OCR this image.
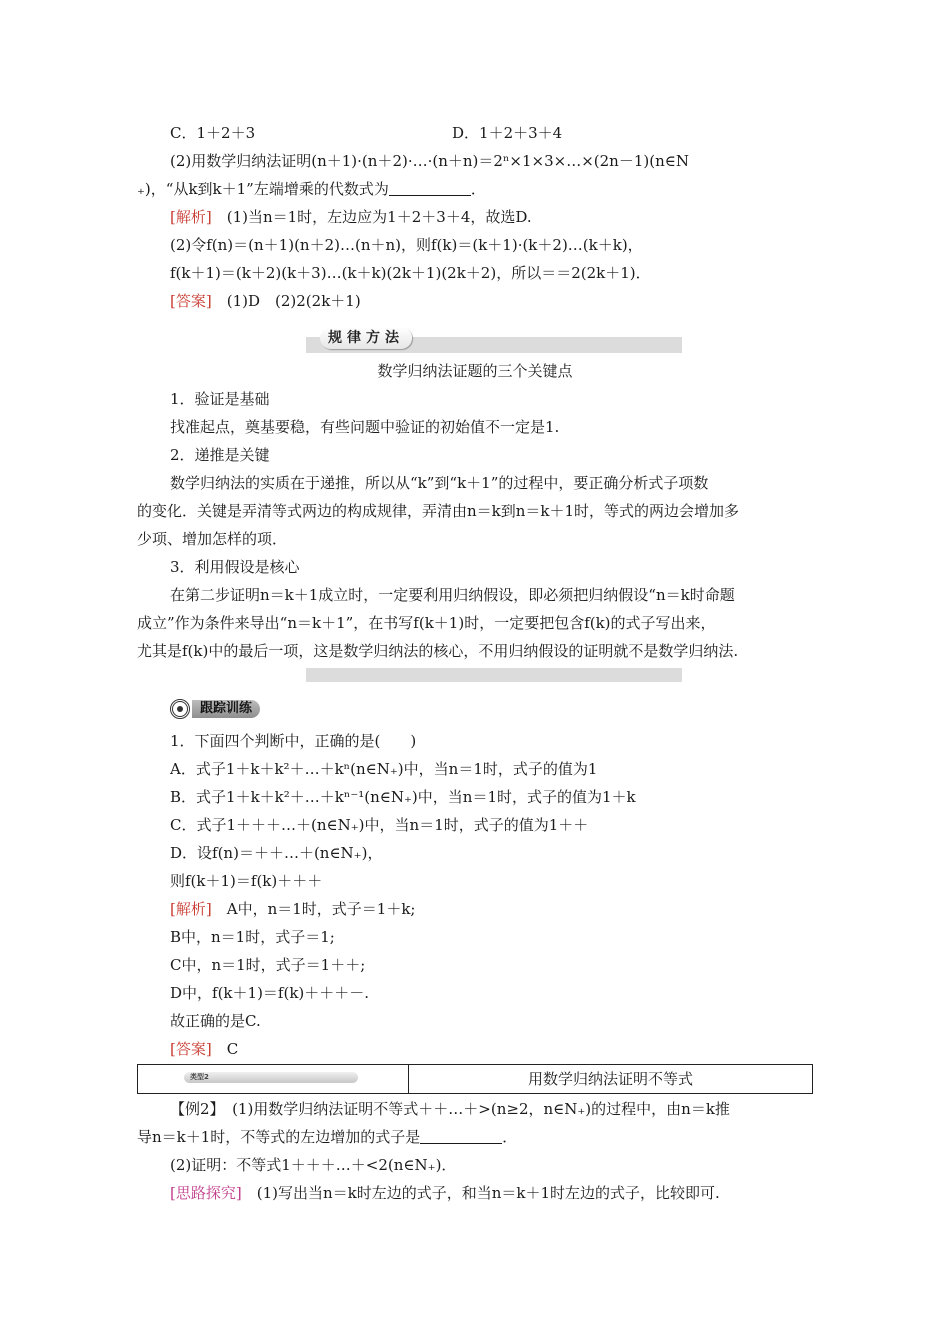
C．1＋2＋3	D．1＋2＋3＋4
(2)用数学归纳法证明(n＋1)·(n＋2)·…·(n＋n)＝2ⁿ×1×3×…×(2n－1)(n∈N
₊)，“从k到k＋1”左端增乘的代数式为	．
[解析]　 (1)当n＝1时，左边应为1＋2＋3＋4，故选D.
(2)令f(n)＝(n＋1)(n＋2)…(n＋n)，则f(k)＝(k＋1)·(k＋2)…(k＋k)，
f(k＋1)＝(k＋2)(k＋3)…(k＋k)(2k＋1)(2k＋2)，所以＝＝2(2k＋1)．
[答案]　 (1)D　(2)2(2k＋1)
规律方法
数学归纳法证题的三个关键点
1．验证是基础
找准起点，奠基要稳，有些问题中验证的初始值不一定是1.
2．递推是关键
数学归纳法的实质在于递推，所以从“k”到“k＋1”的过程中，要正确分析式子项数
的变化．关键是弄清等式两边的构成规律，弄清由n＝k到n＝k＋1时，等式的两边会增加多
少项、增加怎样的项．
3．利用假设是核心
在第二步证明n＝k＋1成立时，一定要利用归纳假设，即必须把归纳假设“n＝k时命题
成立”作为条件来导出“n＝k＋1”，在书写f(k＋1)时，一定要把包含f(k)的式子写出来，
尤其是f(k)中的最后一项，这是数学归纳法的核心，不用归纳假设的证明就不是数学归纳法.
跟踪训练
1．下面四个判断中，正确的是(　　)
A．式子1＋k＋k²＋…＋kⁿ(n∈N₊)中，当n＝1时，式子的值为1
B．式子1＋k＋k²＋…＋kⁿ⁻¹(n∈N₊)中，当n＝1时，式子的值为1＋k
C．式子1＋＋＋…＋(n∈N₊)中，当n＝1时，式子的值为1＋＋
D．设f(n)＝＋＋…＋(n∈N₊)，
则f(k＋1)＝f(k)＋＋＋
[解析]　 A中，n＝1时，式子＝1＋k;
B中，n＝1时，式子＝1;
C中，n＝1时，式子＝1＋＋;
D中，f(k＋1)＝f(k)＋＋＋－.
故正确的是C.
[答案]　 C
类型2	用数学归纳法证明不等式
【例2】　 (1)用数学归纳法证明不等式＋＋…＋>(n≥2，n∈N₊)的过程中，由n＝k推
导n＝k＋1时，不等式的左边增加的式子是	．
(2)证明：不等式1＋＋＋…＋<2(n∈N₊)．
[思路探究]　 (1)写出当n＝k时左边的式子，和当n＝k＋1时左边的式子，比较即可.
